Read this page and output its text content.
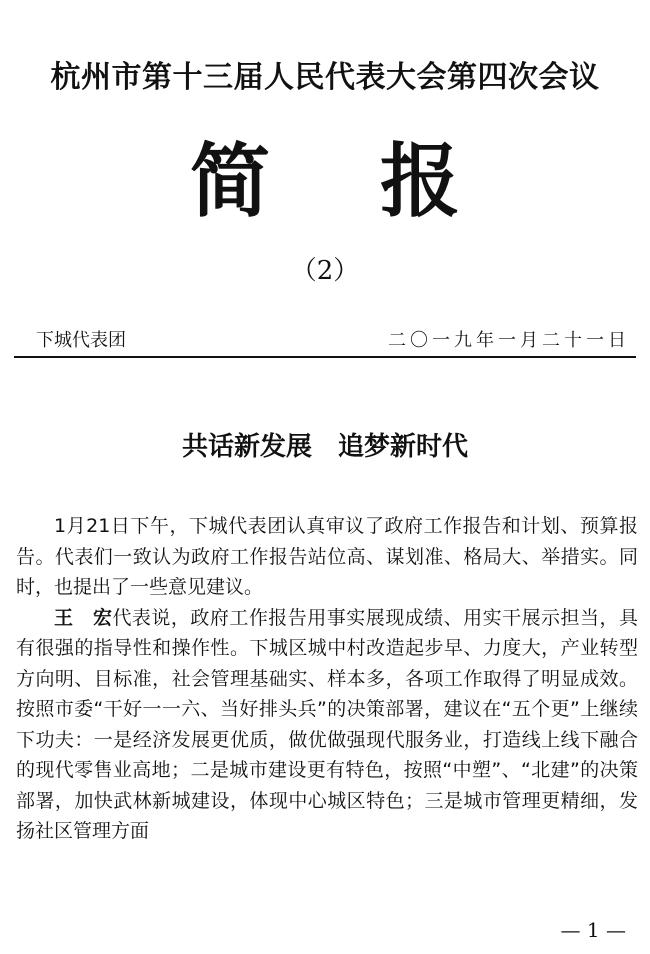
杭州市第十三届人民代表大会第四次会议
简报
（2）
下城代表团	二〇一九年一月二十一日
共话新发展 追梦新时代

1月21日下午，下城代表团认真审议了政府工作报告和计划、预算报告。代表们一致认为政府工作报告站位高、谋划准、格局大、举措实。同时，也提出了一些意见建议。

王　宏代表说，政府工作报告用事实展现成绩、用实干展示担当，具有很强的指导性和操作性。下城区城中村改造起步早、力度大，产业转型方向明、目标准，社会管理基础实、样本多，各项工作取得了明显成效。按照市委“干好一一六、当好排头兵”的决策部署，建议在“五个更”上继续下功夫：一是经济发展更优质，做优做强现代服务业，打造线上线下融合的现代零售业高地；二是城市建设更有特色，按照“中塑”、“北建”的决策部署，加快武林新城建设，体现中心城区特色；三是城市管理更精细，发扬社区管理方面

— 1 —
